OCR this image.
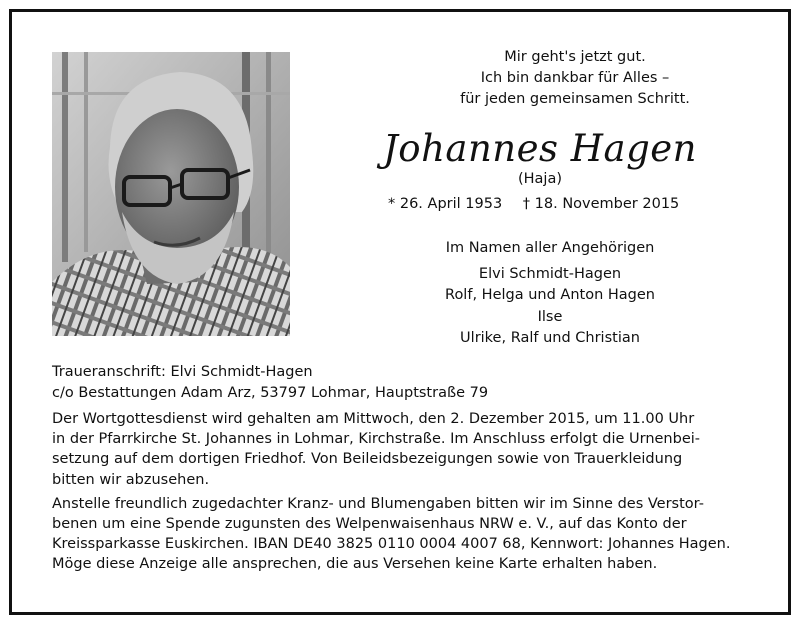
Mir geht's jetzt gut.
Ich bin dankbar für Alles –
für jeden gemeinsamen Schritt.
Johannes Hagen
(Haja)
* 26. April 1953 † 18. November 2015
Im Namen aller Angehörigen
Elvi Schmidt-Hagen
Rolf, Helga und Anton Hagen
Ilse
Ulrike, Ralf und Christian
Traueranschrift: Elvi Schmidt-Hagen
c/o Bestattungen Adam Arz, 53797 Lohmar, Hauptstraße 79

Der Wortgottesdienst wird gehalten am Mittwoch, den 2. Dezember 2015, um 11.00 Uhr
in der Pfarrkirche St. Johannes in Lohmar, Kirchstraße. Im Anschluss erfolgt die Urnenbei-
setzung auf dem dortigen Friedhof. Von Beileidsbezeigungen sowie von Trauerkleidung
bitten wir abzusehen.

Anstelle freundlich zugedachter Kranz- und Blumengaben bitten wir im Sinne des Verstor-
benen um eine Spende zugunsten des Welpenwaisenhaus NRW e. V., auf das Konto der
Kreissparkasse Euskirchen. IBAN DE40 3825 0110 0004 4007 68, Kennwort: Johannes Hagen.
Möge diese Anzeige alle ansprechen, die aus Versehen keine Karte erhalten haben.
